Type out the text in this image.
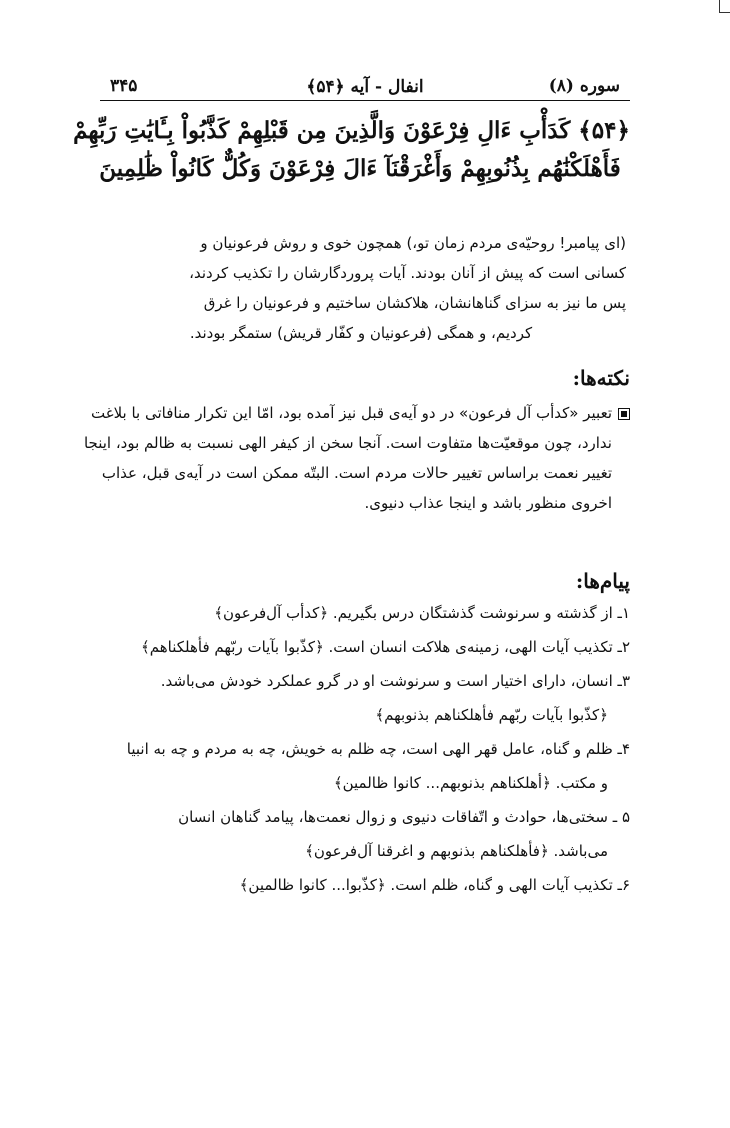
سوره (۸)
انفال - آیه ﴿۵۴﴾
۳۴۵
﴿۵۴﴾ كَدَأْبِ ءَالِ فِرْعَوْنَ وَالَّذِينَ مِن قَبْلِهِمْ كَذَّبُواْ بِـَٔايَٰتِ رَبِّهِمْ
فَأَهْلَكْنَٰهُم بِذُنُوبِهِمْ وَأَغْرَقْنَآ ءَالَ فِرْعَوْنَ وَكُلٌّ كَانُواْ ظَٰلِمِينَ

(ای پیامبر! روحیّه‌ی مردم زمان تو،) همچون خوی و روش فرعونیان و

کسانی است که پیش از آنان بودند. آیات پروردگارشان را تکذیب کردند،

پس ما نیز به سزای گناهانشان، هلاکشان ساختیم و فرعونیان را غرق

کردیم، و همگی (فرعونیان و کفّار قریش) ستمگر بودند.

نکته‌ها:

تعبیر «کدأب آل فرعون» در دو آیه‌ی قبل نیز آمده بود، امّا این تکرار منافاتی با بلاغت

ندارد، چون موقعیّت‌ها متفاوت است. آنجا سخن از کیفر الهی نسبت به ظالم بود، اینجا

تغییر نعمت براساس تغییر حالات مردم است. البتّه ممکن است در آیه‌ی قبل، عذاب

اخروی منظور باشد و اینجا عذاب دنیوی.

پیام‌ها:

۱ـ از گذشته و سرنوشت گذشتگان درس بگیریم. ﴿کدأب آل‌فرعون﴾

۲ـ تکذیب آیات الهی، زمینه‌ی هلاکت انسان است. ﴿کذّبوا بآیات ربّهم فأهلکناهم﴾

۳ـ انسان، دارای اختیار است و سرنوشت او در گرو عملکرد خودش می‌باشد.

﴿کذّبوا بآیات ربّهم فأهلکناهم بذنوبهم﴾

۴ـ ظلم و گناه، عامل قهر الهی است، چه ظلم به خویش، چه به مردم و چه به انبیا

و مکتب. ﴿أهلکناهم بذنوبهم... کانوا ظالمین﴾

۵ ـ سختی‌ها، حوادث و اتّفاقات دنیوی و زوال نعمت‌ها، پیامد گناهان انسان

می‌باشد. ﴿فأهلکناهم بذنوبهم و اغرقنا آل‌فرعون﴾

۶ـ تکذیب آیات الهی و گناه، ظلم است. ﴿کذّبوا... کانوا ظالمین﴾
